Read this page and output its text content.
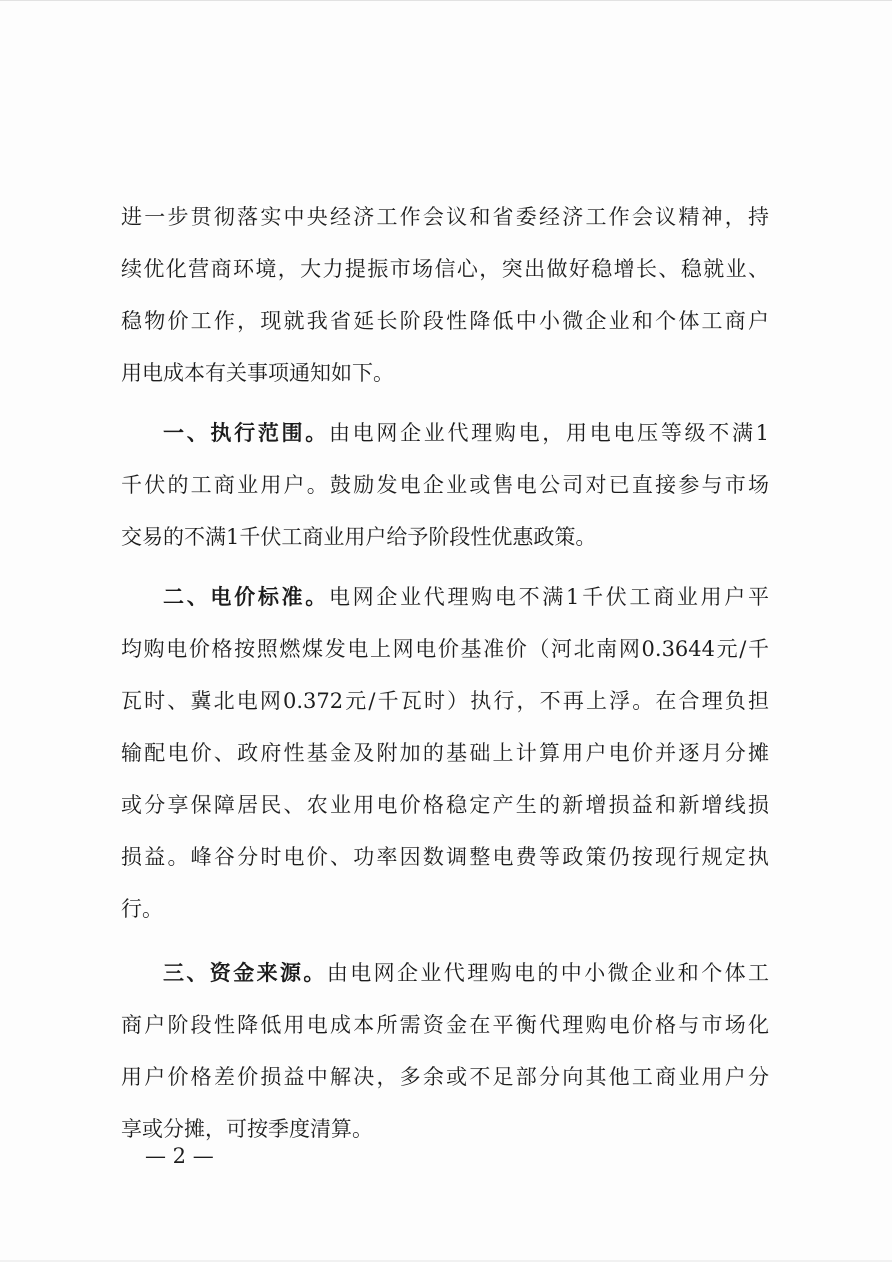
进一步贯彻落实中央经济工作会议和省委经济工作会议精神，持
续优化营商环境，大力提振市场信心，突出做好稳增长、稳就业、
稳物价工作，现就我省延长阶段性降低中小微企业和个体工商户
用电成本有关事项通知如下。
一、执行范围。由电网企业代理购电，用电电压等级不满1
千伏的工商业用户。鼓励发电企业或售电公司对已直接参与市场
交易的不满1千伏工商业用户给予阶段性优惠政策。
二、电价标准。电网企业代理购电不满1千伏工商业用户平
均购电价格按照燃煤发电上网电价基准价（河北南网0.3644元/千
瓦时、冀北电网0.372元/千瓦时）执行，不再上浮。在合理负担
输配电价、政府性基金及附加的基础上计算用户电价并逐月分摊
或分享保障居民、农业用电价格稳定产生的新增损益和新增线损
损益。峰谷分时电价、功率因数调整电费等政策仍按现行规定执
行。
三、资金来源。由电网企业代理购电的中小微企业和个体工
商户阶段性降低用电成本所需资金在平衡代理购电价格与市场化
用户价格差价损益中解决，多余或不足部分向其他工商业用户分
享或分摊，可按季度清算。
— 2 —
